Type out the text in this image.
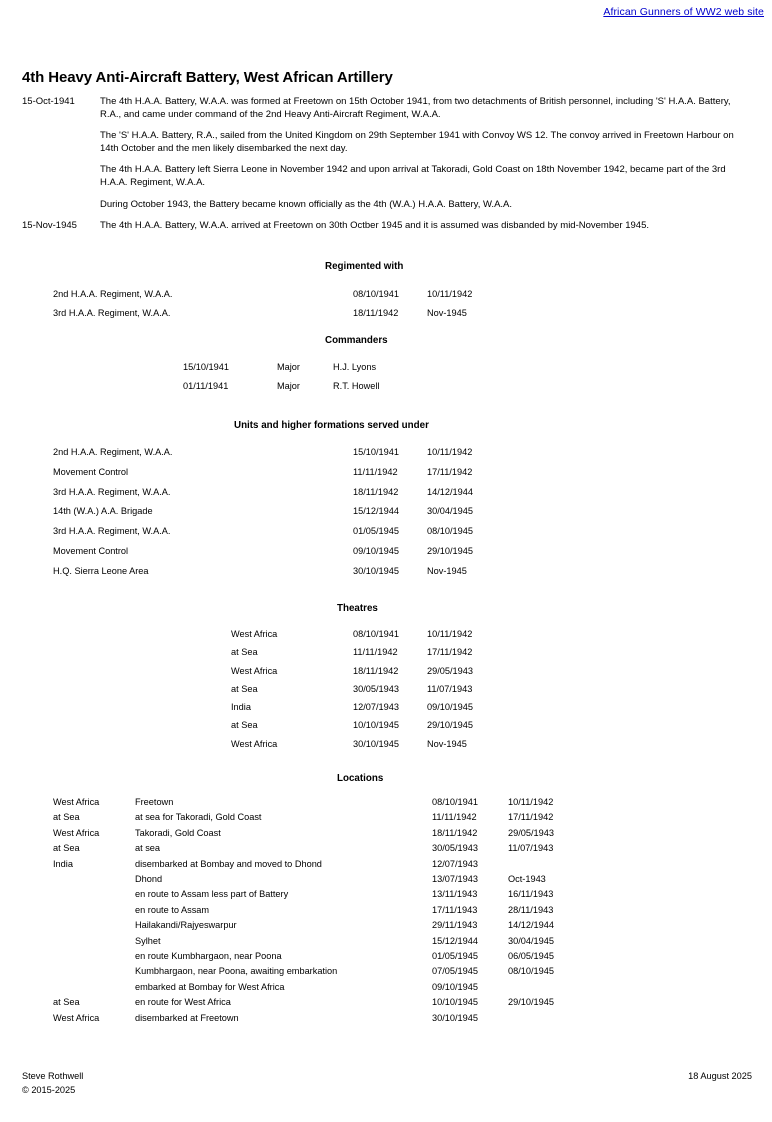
African Gunners of WW2 web site
4th Heavy Anti-Aircraft Battery, West African Artillery
15-Oct-1941	The 4th H.A.A. Battery, W.A.A. was formed at Freetown on 15th October 1941, from two detachments of British personnel, including 'S' H.A.A. Battery, R.A., and came under command of the 2nd Heavy Anti-Aircraft Regiment, W.A.A.

The 'S' H.A.A. Battery, R.A., sailed from the United Kingdom on 29th September 1941 with Convoy WS 12. The convoy arrived in Freetown Harbour on 14th October and the men likely disembarked the next day.

The 4th H.A.A. Battery left Sierra Leone in November 1942 and upon arrival at Takoradi, Gold Coast on 18th November 1942, became part of the 3rd H.A.A. Regiment, W.A.A.

During October 1943, the Battery became known officially as the 4th (W.A.) H.A.A. Battery, W.A.A.

15-Nov-1945	The 4th H.A.A. Battery, W.A.A. arrived at Freetown on 30th Octber 1945 and it is assumed was disbanded by mid-November 1945.

Regimented with
2nd H.A.A. Regiment, W.A.A.	08/10/1941	10/11/1942
3rd H.A.A. Regiment, W.A.A.	18/11/1942	Nov-1945
Commanders
15/10/1941	Major	H.J. Lyons
01/11/1941	Major	R.T. Howell
Units and higher formations served under
2nd H.A.A. Regiment, W.A.A.	15/10/1941	10/11/1942
Movement Control	11/11/1942	17/11/1942
3rd H.A.A. Regiment, W.A.A.	18/11/1942	14/12/1944
14th (W.A.) A.A. Brigade	15/12/1944	30/04/1945
3rd H.A.A. Regiment, W.A.A.	01/05/1945	08/10/1945
Movement Control	09/10/1945	29/10/1945
H.Q. Sierra Leone Area	30/10/1945	Nov-1945
Theatres
West Africa	08/10/1941	10/11/1942
at Sea	11/11/1942	17/11/1942
West Africa	18/11/1942	29/05/1943
at Sea	30/05/1943	11/07/1943
India	12/07/1943	09/10/1945
at Sea	10/10/1945	29/10/1945
West Africa	30/10/1945	Nov-1945
Locations
West Africa	Freetown	08/10/1941	10/11/1942
at Sea	at sea for Takoradi, Gold Coast	11/11/1942	17/11/1942
West Africa	Takoradi, Gold Coast	18/11/1942	29/05/1943
at Sea	at sea	30/05/1943	11/07/1943
India	disembarked at Bombay and moved to Dhond	12/07/1943	
	Dhond	13/07/1943	Oct-1943
	en route to Assam less part of Battery	13/11/1943	16/11/1943
	en route to Assam	17/11/1943	28/11/1943
	Hailakandi/Rajyeswarpur	29/11/1943	14/12/1944
	Sylhet	15/12/1944	30/04/1945
	en route Kumbhargaon, near Poona	01/05/1945	06/05/1945
	Kumbhargaon, near Poona, awaiting embarkation	07/05/1945	08/10/1945
	embarked at Bombay for West Africa	09/10/1945	
at Sea	en route for West Africa	10/10/1945	29/10/1945
West Africa	disembarked at Freetown	30/10/1945	
Steve Rothwell
© 2015-2025
18 August 2025
